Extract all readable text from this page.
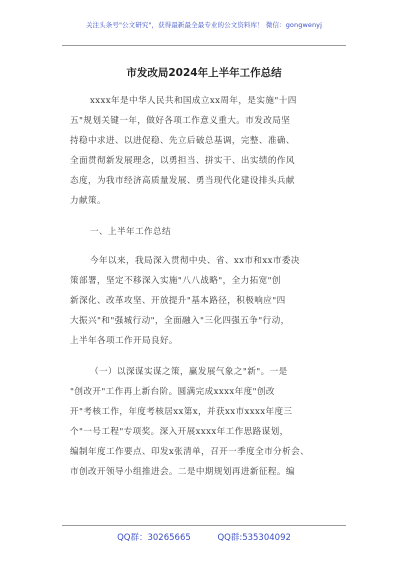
关注头条号"公文研究"，获得最新最全最专业的公文资料库！ 微信：gongwenyj
市发改局2024年上半年工作总结
xxxx年是中华人民共和国成立xx周年，是实施"十四
五"规划关键一年，做好各项工作意义重大。市发改局坚
持稳中求进、以进促稳、先立后破总基调，完整、准确、
全面贯彻新发展理念，以勇担当、拼实干、出实绩的作风
态度，为我市经济高质量发展、勇当现代化建设排头兵献
力献策。
一、上半年工作总结
今年以来，我局深入贯彻中央、省、xx市和xx市委决
策部署，坚定不移深入实施"八八战略"，全力拓宽"创
新深化、改革攻坚、开放提升"基本路径，积极响应"四
大振兴"和"强城行动"，全面融入"三化四强五争"行动，
上半年各项工作开局良好。
（一）以深谋实谋之策，赢发展气象之"新"。一是
"创改开"工作再上新台阶。圆满完成xxxx年度"创改
开"考核工作，年度考核居xx第x，并获xx市xxxx年度三
个"一号工程"专项奖。深入开展xxxx年工作思路谋划，
编制年度工作要点、印发x张清单，召开一季度全市分析会、
市创改开领导小组推进会。二是中期规划再进新征程。编
QQ群：30265665	QQ群:535304092
